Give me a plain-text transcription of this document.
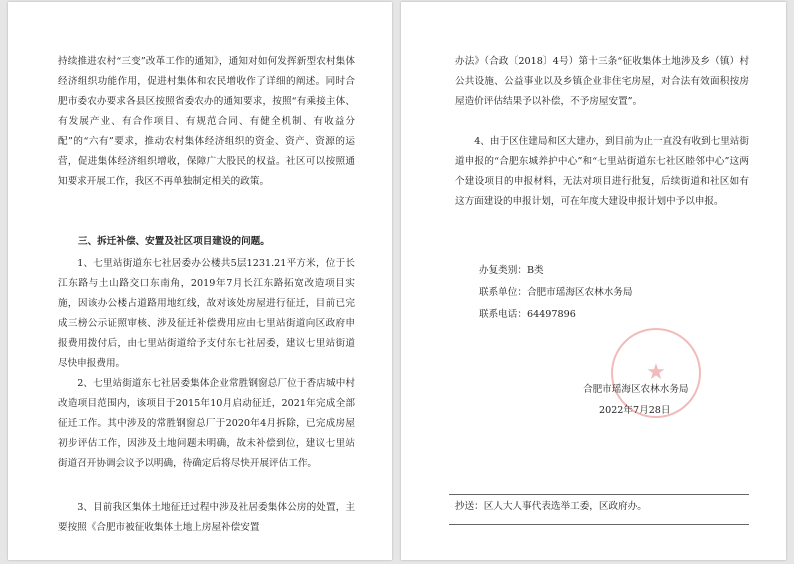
持续推进农村“三变”改革工作的通知》，通知对如何发挥新型农村集体经济组织功能作用，促进村集体和农民增收作了详细的阐述。同时合肥市委农办要求各县区按照省委农办的通知要求，按照“有乘接主体、有发展产业、有合作项目、有规范合同、有健全机制、有收益分配”的“六有”要求，推动农村集体经济组织的资金、资产、资源的运营，促进集体经济组织增收，保障广大股民的权益。社区可以按照通知要求开展工作，我区不再单独制定相关的政策。

三、拆迁补偿、安置及社区项目建设的问题。

1、七里站街道东七社居委办公楼共5层1231.21平方米，位于长江东路与土山路交口东南角，2019年7月长江东路拓宽改造项目实施，因该办公楼占道路用地红线，故对该处房屋进行征迁，目前已完成三榜公示证照审核、涉及征迁补偿费用应由七里站街道向区政府申报费用拨付后，由七里站街道给予支付东七社居委，建议七里站街道尽快申报费用。

2、七里站街道东七社居委集体企业常胜钢窗总厂位于香店城中村改造项目范围内，该项目于2015年10月启动征迁，2021年完成全部征迁工作。其中涉及的常胜钢窗总厂于2020年4月拆除，已完成房屋初步评估工作，因涉及土地问题未明确，故未补偿到位，建议七里站街道召开协调会议予以明确，待确定后将尽快开展评估工作。

3、目前我区集体土地征迁过程中涉及社居委集体公房的处置，主要按照《合肥市被征收集体土地上房屋补偿安置

办法》（合政〔2018〕4号）第十三条“征收集体土地涉及乡（镇）村公共设施、公益事业以及乡镇企业非住宅房屋，对合法有效面积按房屋造价评估结果予以补偿，不予房屋安置”。

4、由于区住建局和区大建办，到目前为止一直没有收到七里站街道申报的“合肥东城养护中心”和“七里站街道东七社区睦邻中心”这两个建设项目的申报材料，无法对项目进行批复，后续街道和社区如有这方面建设的申报计划，可在年度大建设申报计划中予以申报。

办复类别：B类
联系单位：合肥市瑶海区农林水务局
联系电话：64497896
★
合肥市瑶海区农林水务局
2022年7月28日
抄送：区人大人事代表选举工委，区政府办。
